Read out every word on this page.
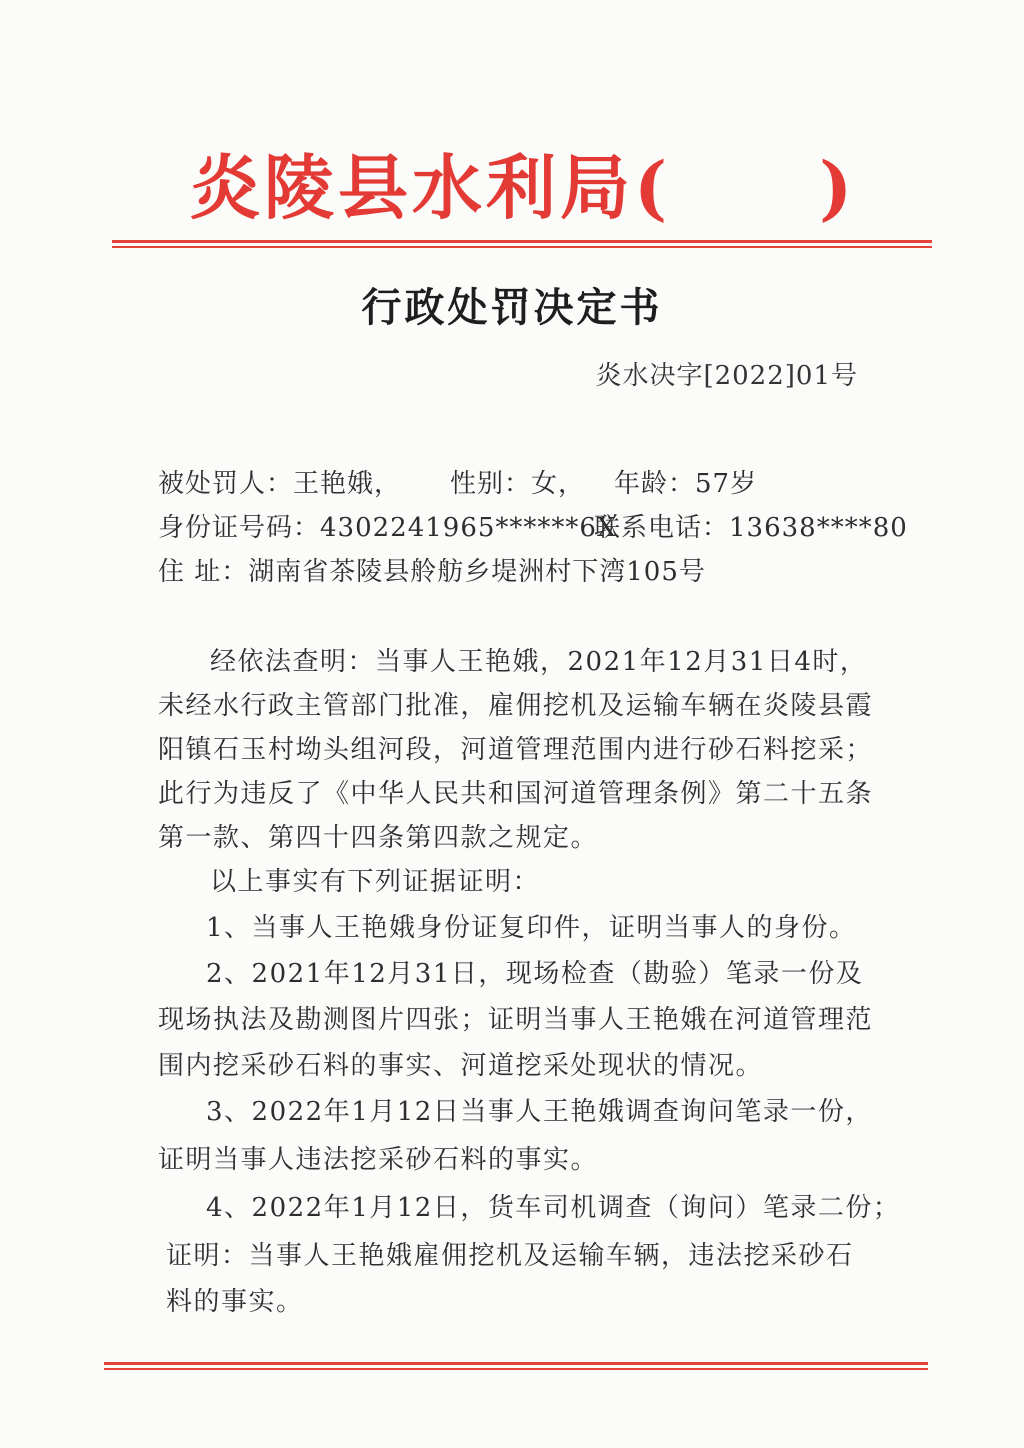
炎陵县水利局(　　)
行政处罚决定书
炎水决字[2022]01号
被处罚人：王艳娥， 性别：女， 年龄：57岁
身份证号码：4302241965******6X
联系电话：13638****80
住 址：湖南省茶陵县舲舫乡堤洲村下湾105号
经依法查明：当事人王艳娥，2021年12月31日4时，
未经水行政主管部门批准，雇佣挖机及运输车辆在炎陵县霞
阳镇石玉村坳头组河段，河道管理范围内进行砂石料挖采；
此行为违反了《中华人民共和国河道管理条例》第二十五条
第一款、第四十四条第四款之规定。
以上事实有下列证据证明：
1、当事人王艳娥身份证复印件，证明当事人的身份。
2、2021年12月31日，现场检查（勘验）笔录一份及
现场执法及勘测图片四张；证明当事人王艳娥在河道管理范
围内挖采砂石料的事实、河道挖采处现状的情况。
3、2022年1月12日当事人王艳娥调查询问笔录一份，
证明当事人违法挖采砂石料的事实。
4、2022年1月12日，货车司机调查（询问）笔录二份；
证明：当事人王艳娥雇佣挖机及运输车辆，违法挖采砂石
料的事实。
